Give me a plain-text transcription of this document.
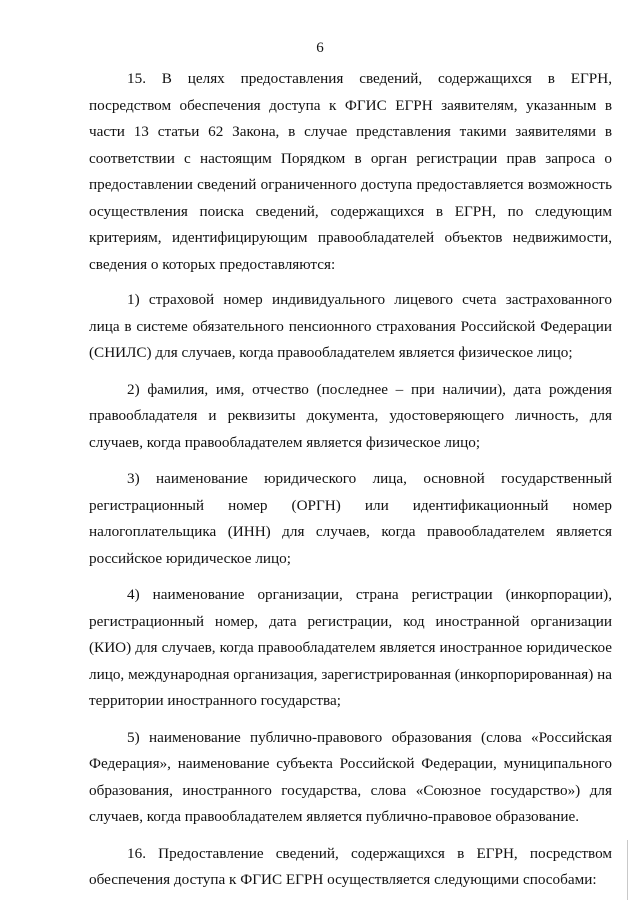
6

15. В целях предоставления сведений, содержащихся в ЕГРН, посредством обеспечения доступа к ФГИС ЕГРН заявителям, указанным в части 13 статьи 62 Закона, в случае представления такими заявителями в соответствии с настоящим Порядком в орган регистрации прав запроса о предоставлении сведений ограниченного доступа предоставляется возможность осуществления поиска сведений, содержащихся в ЕГРН, по следующим критериям, идентифицирующим правообладателей объектов недвижимости, сведения о которых предоставляются:

1) страховой номер индивидуального лицевого счета застрахованного лица в системе обязательного пенсионного страхования Российской Федерации (СНИЛС) для случаев, когда правообладателем является физическое лицо;

2) фамилия, имя, отчество (последнее – при наличии), дата рождения правообладателя и реквизиты документа, удостоверяющего личность, для случаев, когда правообладателем является физическое лицо;

3) наименование юридического лица, основной государственный регистрационный номер (ОРГН) или идентификационный номер налогоплательщика (ИНН) для случаев, когда правообладателем является российское юридическое лицо;

4) наименование организации, страна регистрации (инкорпорации), регистрационный номер, дата регистрации, код иностранной организации (КИО) для случаев, когда правообладателем является иностранное юридическое лицо, международная организация, зарегистрированная (инкорпорированная) на территории иностранного государства;

5) наименование публично-правового образования (слова «Российская Федерация», наименование субъекта Российской Федерации, муниципального образования, иностранного государства, слова «Союзное государство») для случаев, когда правообладателем является публично-правовое образование.

16. Предоставление сведений, содержащихся в ЕГРН, посредством обеспечения доступа к ФГИС ЕГРН осуществляется следующими способами:
